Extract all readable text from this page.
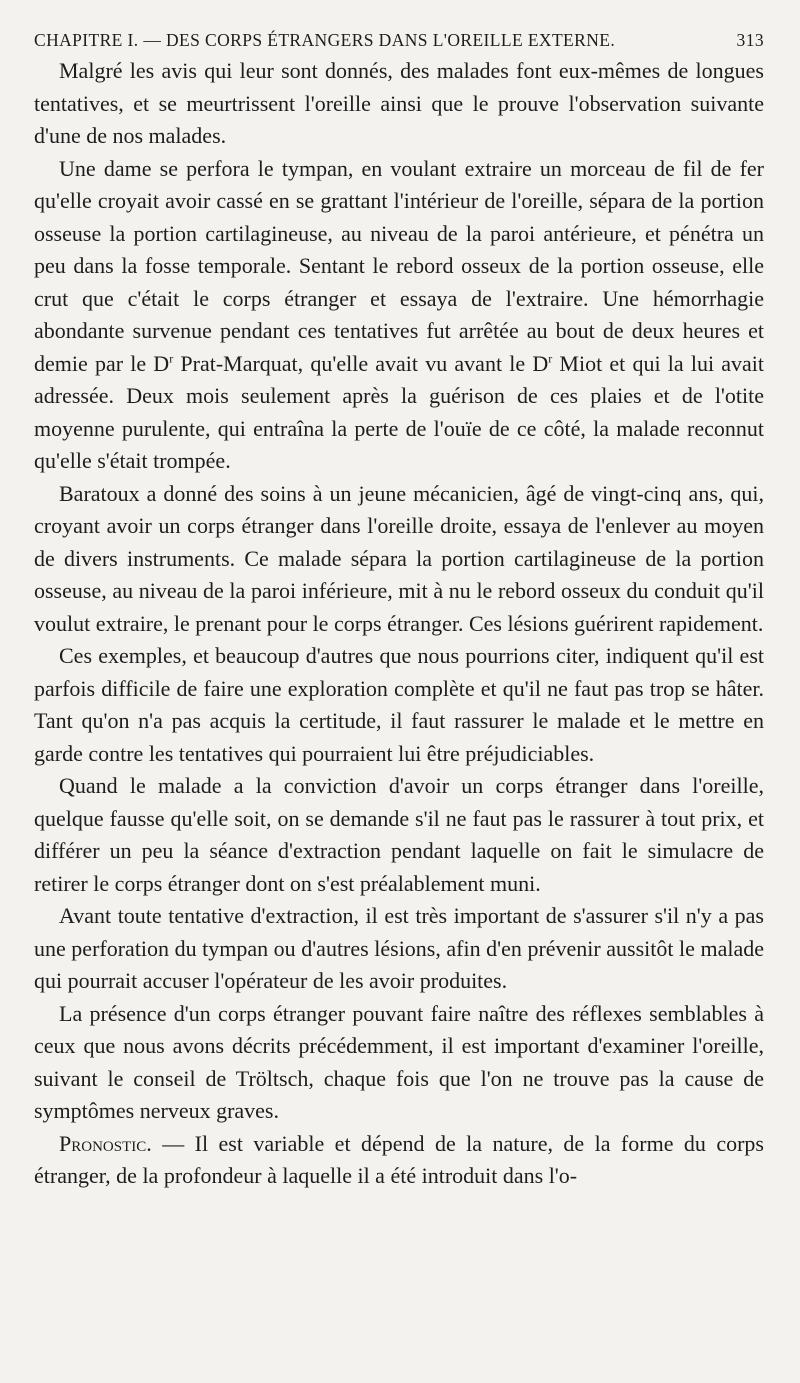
CHAPITRE I. — DES CORPS ÉTRANGERS DANS L'OREILLE EXTERNE.	313

Malgré les avis qui leur sont donnés, des malades font eux-mêmes de longues tentatives, et se meurtrissent l'oreille ainsi que le prouve l'observation suivante d'une de nos malades.

Une dame se perfora le tympan, en voulant extraire un morceau de fil de fer qu'elle croyait avoir cassé en se grattant l'intérieur de l'oreille, sépara de la portion osseuse la portion cartilagineuse, au niveau de la paroi antérieure, et pénétra un peu dans la fosse temporale. Sentant le rebord osseux de la portion osseuse, elle crut que c'était le corps étranger et essaya de l'extraire. Une hémorrhagie abondante survenue pendant ces tentatives fut arrêtée au bout de deux heures et demie par le $D^r$ Prat-Marquat, qu'elle avait vu avant le $D^r$ Miot et qui la lui avait adressée. Deux mois seulement après la guérison de ces plaies et de l'otite moyenne purulente, qui entraîna la perte de l'ouïe de ce côté, la malade reconnut qu'elle s'était trompée.

Baratoux a donné des soins à un jeune mécanicien, âgé de vingt-cinq ans, qui, croyant avoir un corps étranger dans l'oreille droite, essaya de l'enlever au moyen de divers instruments. Ce malade sépara la portion cartilagineuse de la portion osseuse, au niveau de la paroi inférieure, mit à nu le rebord osseux du conduit qu'il voulut extraire, le prenant pour le corps étranger. Ces lésions guérirent rapidement.

Ces exemples, et beaucoup d'autres que nous pourrions citer, indiquent qu'il est parfois difficile de faire une exploration complète et qu'il ne faut pas trop se hâter. Tant qu'on n'a pas acquis la certitude, il faut rassurer le malade et le mettre en garde contre les tentatives qui pourraient lui être préjudiciables.

Quand le malade a la conviction d'avoir un corps étranger dans l'oreille, quelque fausse qu'elle soit, on se demande s'il ne faut pas le rassurer à tout prix, et différer un peu la séance d'extraction pendant laquelle on fait le simulacre de retirer le corps étranger dont on s'est préalablement muni.

Avant toute tentative d'extraction, il est très important de s'assurer s'il n'y a pas une perforation du tympan ou d'autres lésions, afin d'en prévenir aussitôt le malade qui pourrait accuser l'opérateur de les avoir produites.

La présence d'un corps étranger pouvant faire naître des réflexes semblables à ceux que nous avons décrits précédemment, il est important d'examiner l'oreille, suivant le conseil de Tröltsch, chaque fois que l'on ne trouve pas la cause de symptômes nerveux graves.

Pronostic. — Il est variable et dépend de la nature, de la forme du corps étranger, de la profondeur à laquelle il a été introduit dans l'o-
